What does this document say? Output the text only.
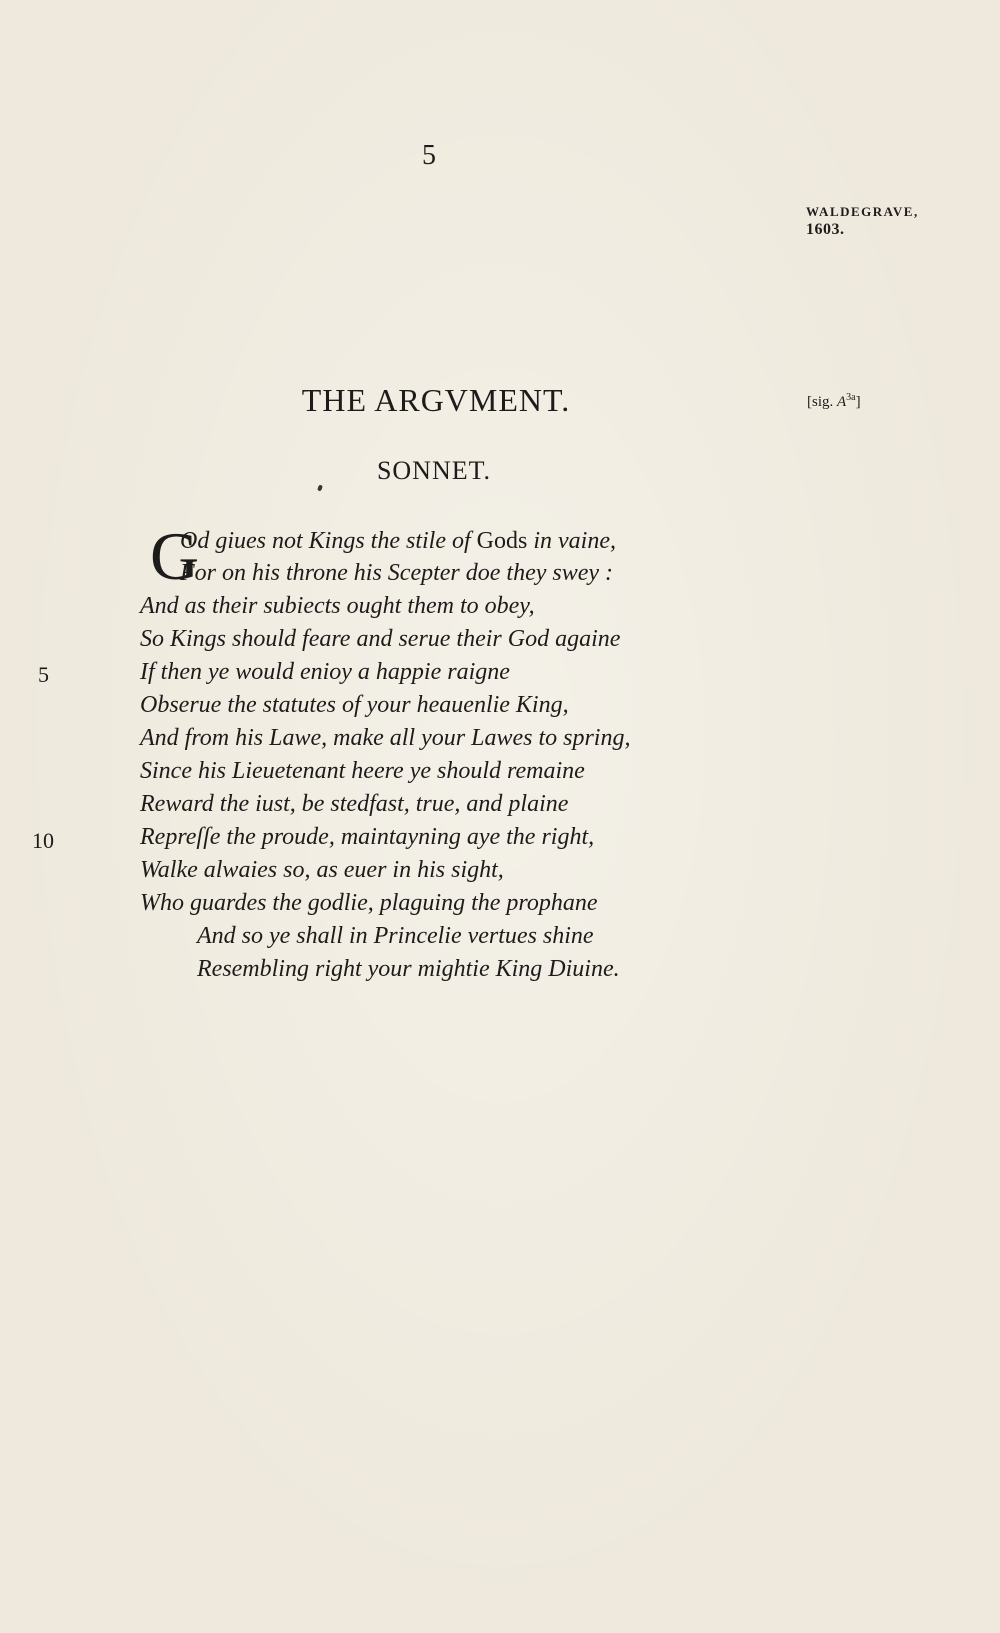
5
WALDEGRAVE,
1603.
[sig. $A^{3a}$]
THE ARGVMENT.
SONNET.
G
Od giues not Kings the stile of Gods in vaine,
For on his throne his Scepter doe they swey :
And as their subiects ought them to obey,
So Kings should feare and serue their God againe
If then ye would enioy a happie raigne
Obserue the statutes of your heauenlie King,
And from his Lawe, make all your Lawes to spring,
Since his Lieuetenant heere ye should remaine
Reward the iust, be stedfast, true, and plaine
Repreſſe the proude, maintayning aye the right,
Walke alwaies so, as euer in his sight,
Who guardes the godlie, plaguing the prophane
And so ye shall in Princelie vertues shine
Resembling right your mightie King Diuine.
5
10
